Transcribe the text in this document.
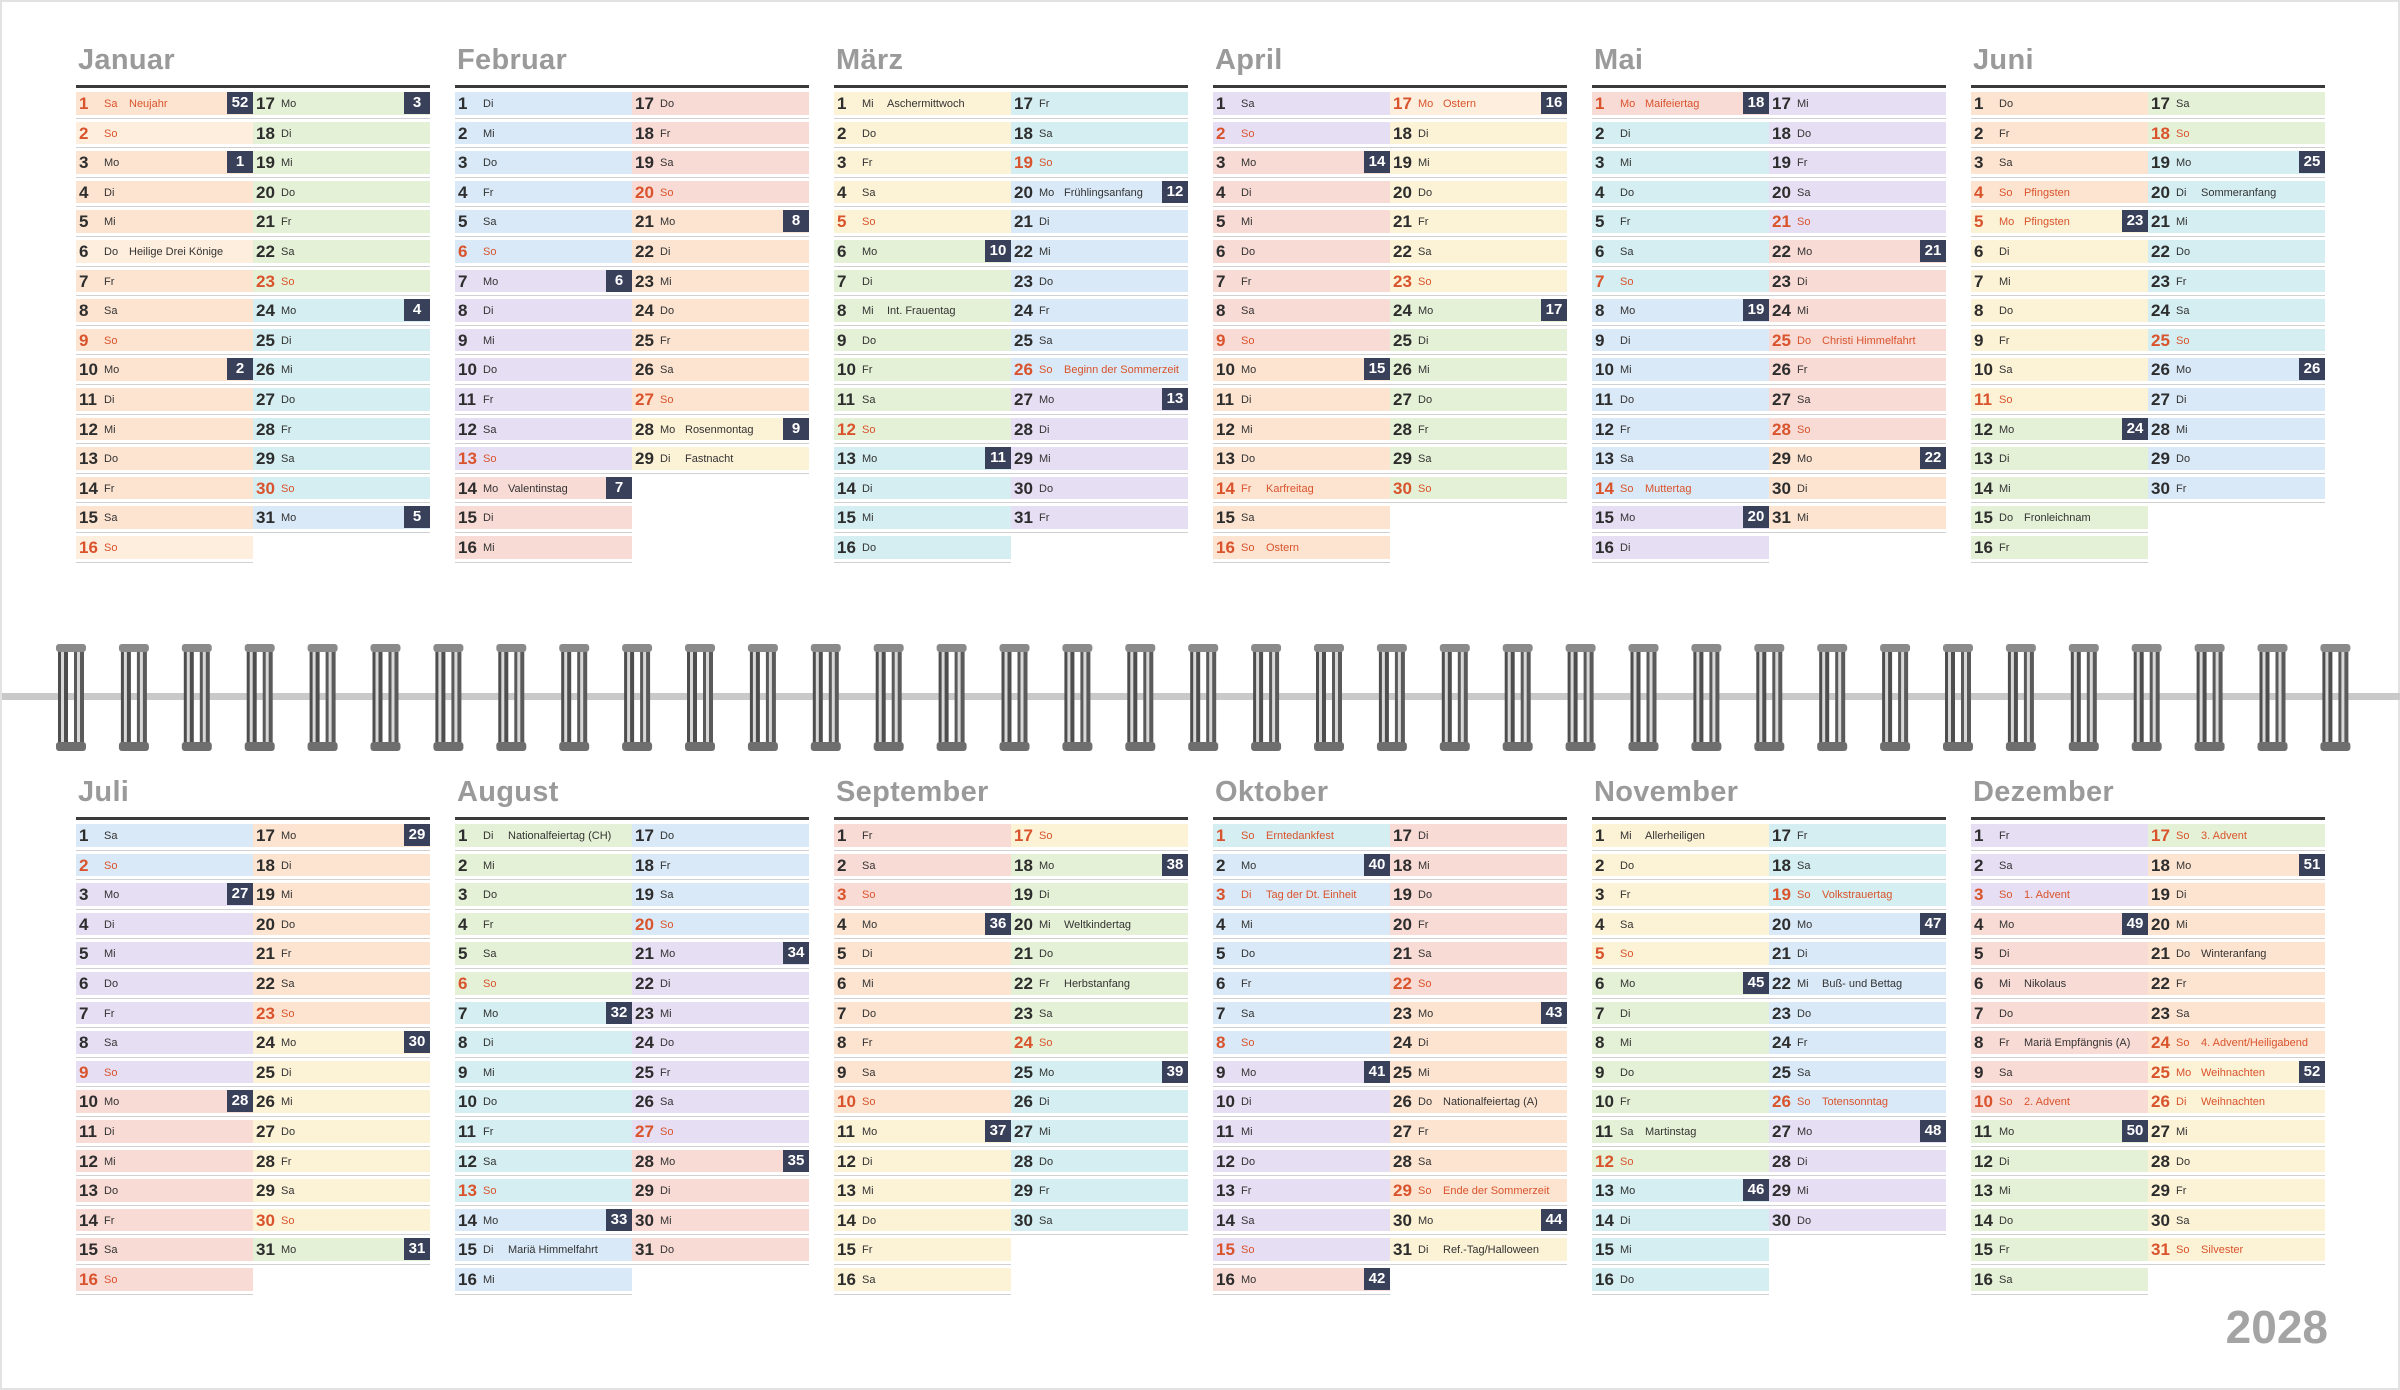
Januar
1 Sa Neujahr	52
2 So
3 Mo	1
4 Di
5 Mi
6 Do Heilige Drei Könige
7 Fr
8 Sa
9 So
10 Mo	2
11 Di
12 Mi
13 Do
14 Fr
15 Sa
16 So
17 Mo	3
18 Di
19 Mi
20 Do
21 Fr
22 Sa
23 So
24 Mo	4
25 Di
26 Mi
27 Do
28 Fr
29 Sa
30 So
31 Mo	5
Februar
1 Di
2 Mi
3 Do
4 Fr
5 Sa
6 So
7 Mo	6
8 Di
9 Mi
10 Do
11 Fr
12 Sa
13 So
14 Mo Valentinstag	7
15 Di
16 Mi
17 Do
18 Fr
19 Sa
20 So
21 Mo	8
22 Di
23 Mi
24 Do
25 Fr
26 Sa
27 So
28 Mo Rosenmontag	9
29 Di Fastnacht
März
1 Mi Aschermittwoch
2 Do
3 Fr
4 Sa
5 So
6 Mo	10
7 Di
8 Mi Int. Frauentag
9 Do
10 Fr
11 Sa
12 So
13 Mo	11
14 Di
15 Mi
16 Do
17 Fr
18 Sa
19 So
20 Mo Frühlingsanfang	12
21 Di
22 Mi
23 Do
24 Fr
25 Sa
26 So Beginn der Sommerzeit
27 Mo	13
28 Di
29 Mi
30 Do
31 Fr
April
1 Sa
2 So
3 Mo	14
4 Di
5 Mi
6 Do
7 Fr
8 Sa
9 So
10 Mo	15
11 Di
12 Mi
13 Do
14 Fr Karfreitag
15 Sa
16 So Ostern
17 Mo Ostern	16
18 Di
19 Mi
20 Do
21 Fr
22 Sa
23 So
24 Mo	17
25 Di
26 Mi
27 Do
28 Fr
29 Sa
30 So
Mai
1 Mo Maifeiertag	18
2 Di
3 Mi
4 Do
5 Fr
6 Sa
7 So
8 Mo	19
9 Di
10 Mi
11 Do
12 Fr
13 Sa
14 So Muttertag
15 Mo	20
16 Di
17 Mi
18 Do
19 Fr
20 Sa
21 So
22 Mo	21
23 Di
24 Mi
25 Do Christi Himmelfahrt
26 Fr
27 Sa
28 So
29 Mo	22
30 Di
31 Mi
Juni
1 Do
2 Fr
3 Sa
4 So Pfingsten
5 Mo Pfingsten	23
6 Di
7 Mi
8 Do
9 Fr
10 Sa
11 So
12 Mo	24
13 Di
14 Mi
15 Do Fronleichnam
16 Fr
17 Sa
18 So
19 Mo	25
20 Di Sommeranfang
21 Mi
22 Do
23 Fr
24 Sa
25 So
26 Mo	26
27 Di
28 Mi
29 Do
30 Fr
Juli
1 Sa
2 So
3 Mo	27
4 Di
5 Mi
6 Do
7 Fr
8 Sa
9 So
10 Mo	28
11 Di
12 Mi
13 Do
14 Fr
15 Sa
16 So
17 Mo	29
18 Di
19 Mi
20 Do
21 Fr
22 Sa
23 So
24 Mo	30
25 Di
26 Mi
27 Do
28 Fr
29 Sa
30 So
31 Mo	31
August
1 Di Nationalfeiertag (CH)
2 Mi
3 Do
4 Fr
5 Sa
6 So
7 Mo	32
8 Di
9 Mi
10 Do
11 Fr
12 Sa
13 So
14 Mo	33
15 Di Mariä Himmelfahrt
16 Mi
17 Do
18 Fr
19 Sa
20 So
21 Mo	34
22 Di
23 Mi
24 Do
25 Fr
26 Sa
27 So
28 Mo	35
29 Di
30 Mi
31 Do
September
1 Fr
2 Sa
3 So
4 Mo	36
5 Di
6 Mi
7 Do
8 Fr
9 Sa
10 So
11 Mo	37
12 Di
13 Mi
14 Do
15 Fr
16 Sa
17 So
18 Mo	38
19 Di
20 Mi Weltkindertag
21 Do
22 Fr Herbstanfang
23 Sa
24 So
25 Mo	39
26 Di
27 Mi
28 Do
29 Fr
30 Sa
Oktober
1 So Erntedankfest
2 Mo	40
3 Di Tag der Dt. Einheit
4 Mi
5 Do
6 Fr
7 Sa
8 So
9 Mo	41
10 Di
11 Mi
12 Do
13 Fr
14 Sa
15 So
16 Mo	42
17 Di
18 Mi
19 Do
20 Fr
21 Sa
22 So
23 Mo	43
24 Di
25 Mi
26 Do Nationalfeiertag (A)
27 Fr
28 Sa
29 So Ende der Sommerzeit
30 Mo	44
31 Di Ref.-Tag/Halloween
November
1 Mi Allerheiligen
2 Do
3 Fr
4 Sa
5 So
6 Mo	45
7 Di
8 Mi
9 Do
10 Fr
11 Sa Martinstag
12 So
13 Mo	46
14 Di
15 Mi
16 Do
17 Fr
18 Sa
19 So Volkstrauertag
20 Mo	47
21 Di
22 Mi Buß- und Bettag
23 Do
24 Fr
25 Sa
26 So Totensonntag
27 Mo	48
28 Di
29 Mi
30 Do
Dezember
1 Fr
2 Sa
3 So 1. Advent
4 Mo	49
5 Di
6 Mi Nikolaus
7 Do
8 Fr Mariä Empfängnis (A)
9 Sa
10 So 2. Advent
11 Mo	50
12 Di
13 Mi
14 Do
15 Fr
16 Sa
17 So 3. Advent
18 Mo	51
19 Di
20 Mi
21 Do Winteranfang
22 Fr
23 Sa
24 So 4. Advent/Heiligabend
25 Mo Weihnachten	52
26 Di Weihnachten
27 Mi
28 Do
29 Fr
30 Sa
31 So Silvester
2028
